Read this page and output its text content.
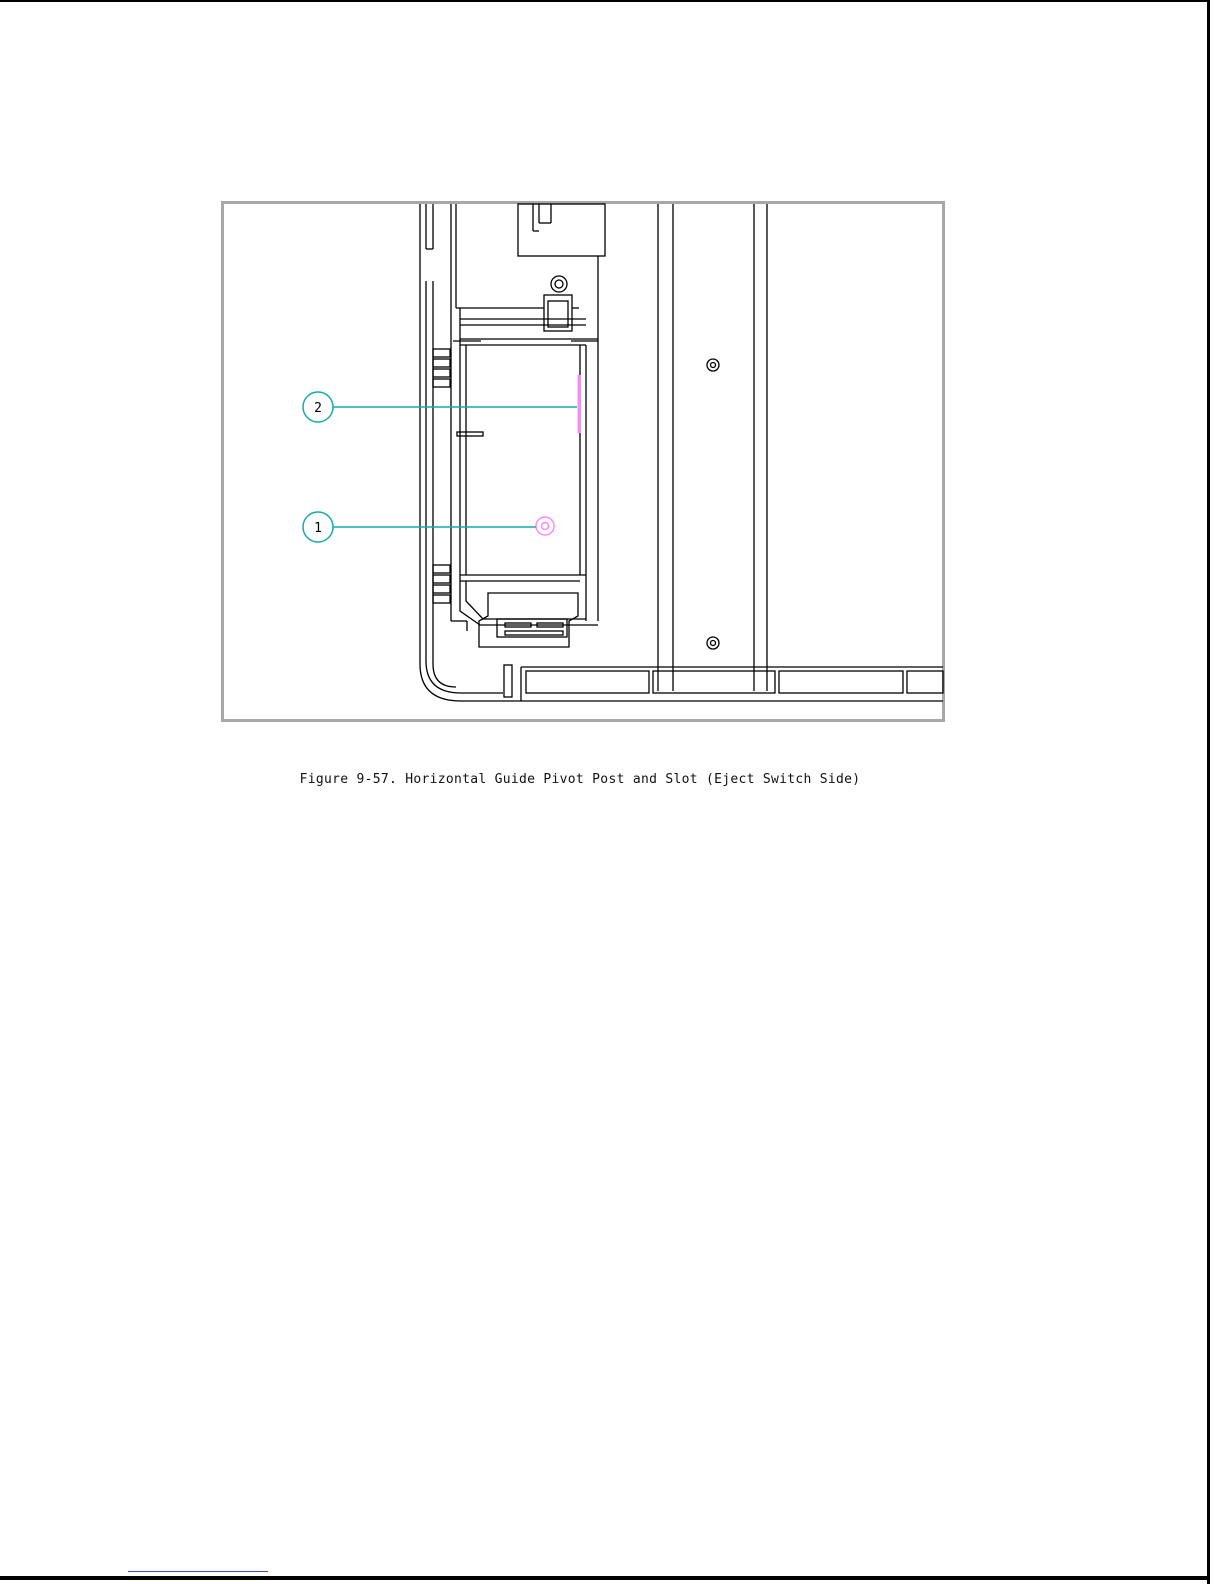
2
1
Figure 9-57. Horizontal Guide Pivot Post and Slot (Eject Switch Side)
